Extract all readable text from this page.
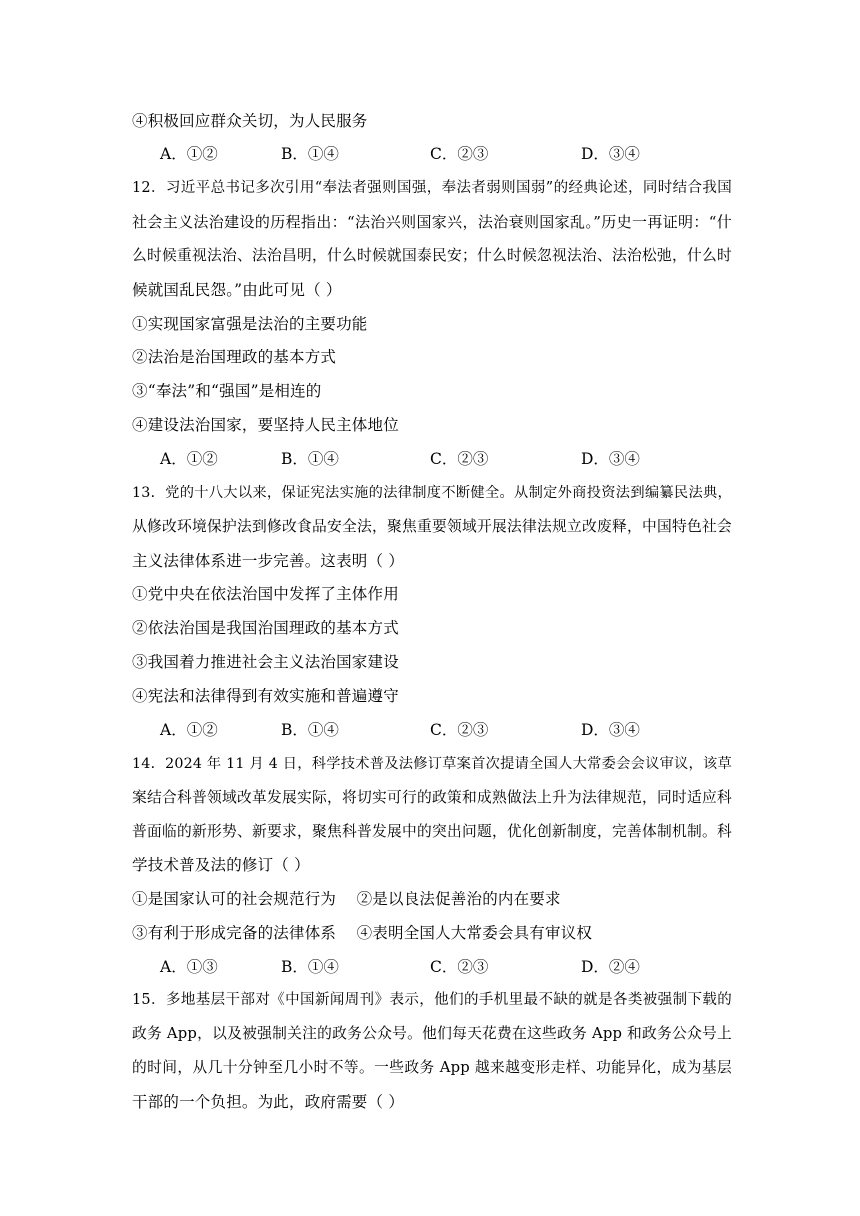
④积极回应群众关切，为人民服务
A．①②	B．①④	C．②③	D．③④
12．习近平总书记多次引用“奉法者强则国强，奉法者弱则国弱”的经典论述，同时结合我国
社会主义法治建设的历程指出：“法治兴则国家兴，法治衰则国家乱。”历史一再证明：“什
么时候重视法治、法治昌明，什么时候就国泰民安；什么时候忽视法治、法治松弛，什么时
候就国乱民怨。”由此可见（ ）
①实现国家富强是法治的主要功能
②法治是治国理政的基本方式
③“奉法”和“强国”是相连的
④建设法治国家，要坚持人民主体地位
A．①②	B．①④	C．②③	D．③④
13．党的十八大以来，保证宪法实施的法律制度不断健全。从制定外商投资法到编纂民法典，
从修改环境保护法到修改食品安全法，聚焦重要领域开展法律法规立改废释，中国特色社会
主义法律体系进一步完善。这表明（ ）
①党中央在依法治国中发挥了主体作用
②依法治国是我国治国理政的基本方式
③我国着力推进社会主义法治国家建设
④宪法和法律得到有效实施和普遍遵守
A．①②	B．①④	C．②③	D．③④
14．2024 年 11 月 4 日，科学技术普及法修订草案首次提请全国人大常委会会议审议，该草
案结合科普领域改革发展实际，将切实可行的政策和成熟做法上升为法律规范，同时适应科
普面临的新形势、新要求，聚焦科普发展中的突出问题，优化创新制度，完善体制机制。科
学技术普及法的修订（ ）
①是国家认可的社会规范行为    ②是以良法促善治的内在要求
③有利于形成完备的法律体系    ④表明全国人大常委会具有审议权
A．①③	B．①④	C．②③	D．②④
15．多地基层干部对《中国新闻周刊》表示，他们的手机里最不缺的就是各类被强制下载的
政务 App，以及被强制关注的政务公众号。他们每天花费在这些政务 App 和政务公众号上
的时间，从几十分钟至几小时不等。一些政务 App 越来越变形走样、功能异化，成为基层
干部的一个负担。为此，政府需要（ ）
